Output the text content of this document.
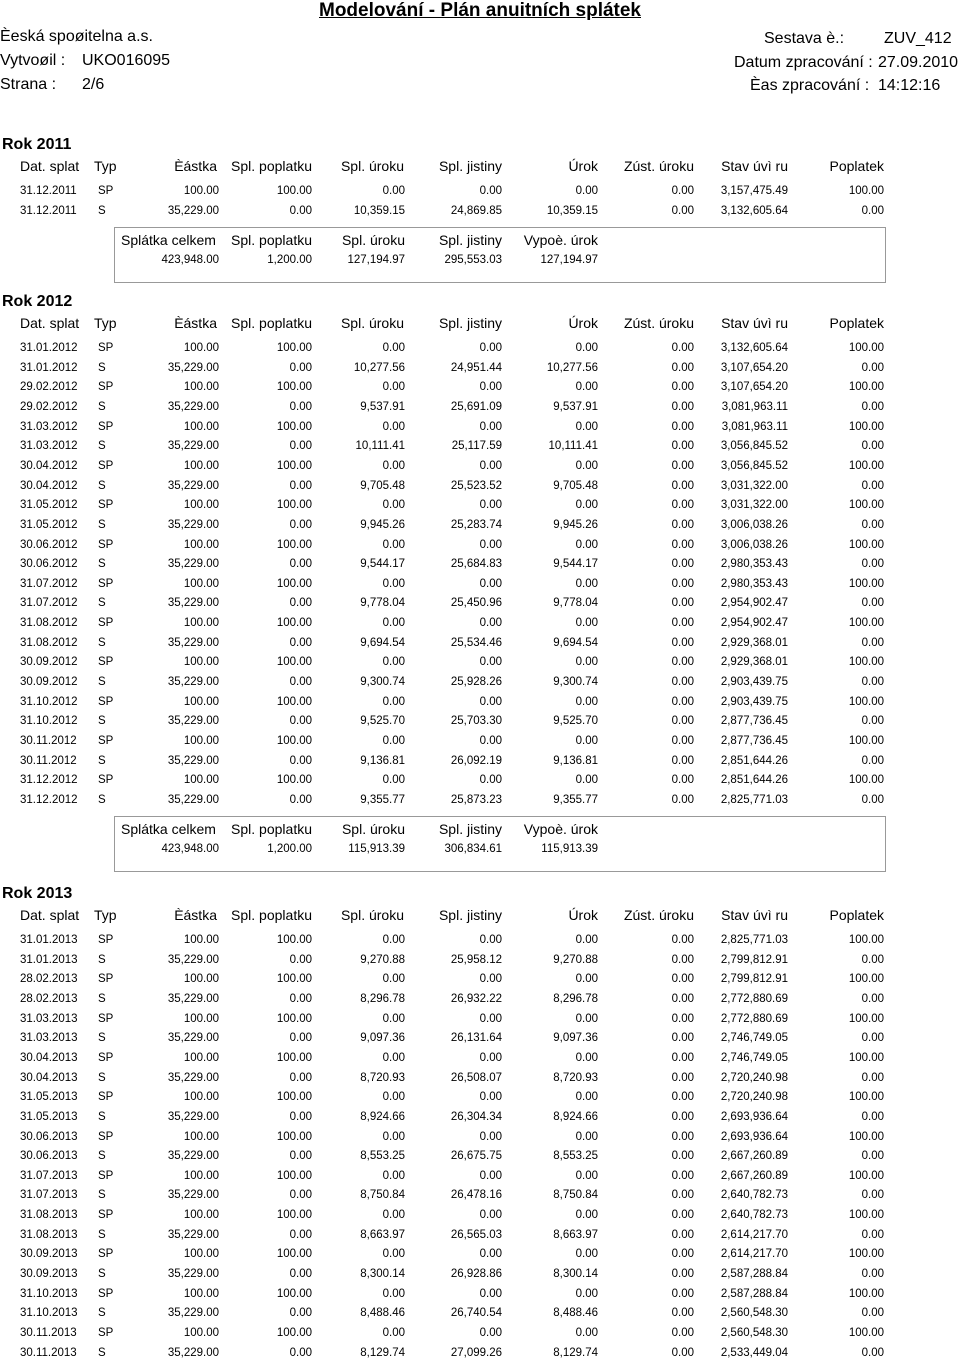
Modelování - Plán anuitních splátek
Èeská spoøitelna a.s.
Vytvoøil : UKO016095
Strana : 2/6
Sestava è.: ZUV_412
Datum zpracování : 27.09.2010
Èas zpracování : 14:12:16
Rok 2011
Dat. splat Typ	Èástka Spl. poplatku Spl. úroku Spl. jistiny	Úrok Zúst. úroku Stav úvì ru	Poplatek
31.12.2011 SP	100.00	100.00	0.00	0.00	0.00	0.00 3,157,475.49	100.00
31.12.2011 S	35,229.00	0.00	10,359.15	24,869.85	10,359.15	0.00 3,132,605.64	0.00
Splátka celkem Spl. poplatku Spl. úroku Spl. jistiny Vypoè. úrok
423,948.00	1,200.00	127,194.97	295,553.03	127,194.97
Rok 2012
Dat. splat Typ	Èástka Spl. poplatku Spl. úroku Spl. jistiny	Úrok Zúst. úroku Stav úvì ru	Poplatek
31.01.2012 SP	100.00	100.00	0.00	0.00	0.00	0.00 3,132,605.64	100.00
31.01.2012 S	35,229.00	0.00	10,277.56	24,951.44	10,277.56	0.00 3,107,654.20	0.00
29.02.2012 SP	100.00	100.00	0.00	0.00	0.00	0.00 3,107,654.20	100.00
29.02.2012 S	35,229.00	0.00	9,537.91	25,691.09	9,537.91	0.00 3,081,963.11	0.00
31.03.2012 SP	100.00	100.00	0.00	0.00	0.00	0.00 3,081,963.11	100.00
31.03.2012 S	35,229.00	0.00	10,111.41	25,117.59	10,111.41	0.00 3,056,845.52	0.00
30.04.2012 SP	100.00	100.00	0.00	0.00	0.00	0.00 3,056,845.52	100.00
30.04.2012 S	35,229.00	0.00	9,705.48	25,523.52	9,705.48	0.00 3,031,322.00	0.00
31.05.2012 SP	100.00	100.00	0.00	0.00	0.00	0.00 3,031,322.00	100.00
31.05.2012 S	35,229.00	0.00	9,945.26	25,283.74	9,945.26	0.00 3,006,038.26	0.00
30.06.2012 SP	100.00	100.00	0.00	0.00	0.00	0.00 3,006,038.26	100.00
30.06.2012 S	35,229.00	0.00	9,544.17	25,684.83	9,544.17	0.00 2,980,353.43	0.00
31.07.2012 SP	100.00	100.00	0.00	0.00	0.00	0.00 2,980,353.43	100.00
31.07.2012 S	35,229.00	0.00	9,778.04	25,450.96	9,778.04	0.00 2,954,902.47	0.00
31.08.2012 SP	100.00	100.00	0.00	0.00	0.00	0.00 2,954,902.47	100.00
31.08.2012 S	35,229.00	0.00	9,694.54	25,534.46	9,694.54	0.00 2,929,368.01	0.00
30.09.2012 SP	100.00	100.00	0.00	0.00	0.00	0.00 2,929,368.01	100.00
30.09.2012 S	35,229.00	0.00	9,300.74	25,928.26	9,300.74	0.00 2,903,439.75	0.00
31.10.2012 SP	100.00	100.00	0.00	0.00	0.00	0.00 2,903,439.75	100.00
31.10.2012 S	35,229.00	0.00	9,525.70	25,703.30	9,525.70	0.00 2,877,736.45	0.00
30.11.2012 SP	100.00	100.00	0.00	0.00	0.00	0.00 2,877,736.45	100.00
30.11.2012 S	35,229.00	0.00	9,136.81	26,092.19	9,136.81	0.00 2,851,644.26	0.00
31.12.2012 SP	100.00	100.00	0.00	0.00	0.00	0.00 2,851,644.26	100.00
31.12.2012 S	35,229.00	0.00	9,355.77	25,873.23	9,355.77	0.00 2,825,771.03	0.00
Splátka celkem Spl. poplatku Spl. úroku Spl. jistiny Vypoè. úrok
423,948.00	1,200.00	115,913.39	306,834.61	115,913.39
Rok 2013
Dat. splat Typ	Èástka Spl. poplatku Spl. úroku Spl. jistiny	Úrok Zúst. úroku Stav úvì ru	Poplatek
31.01.2013 SP	100.00	100.00	0.00	0.00	0.00	0.00 2,825,771.03	100.00
31.01.2013 S	35,229.00	0.00	9,270.88	25,958.12	9,270.88	0.00 2,799,812.91	0.00
28.02.2013 SP	100.00	100.00	0.00	0.00	0.00	0.00 2,799,812.91	100.00
28.02.2013 S	35,229.00	0.00	8,296.78	26,932.22	8,296.78	0.00 2,772,880.69	0.00
31.03.2013 SP	100.00	100.00	0.00	0.00	0.00	0.00 2,772,880.69	100.00
31.03.2013 S	35,229.00	0.00	9,097.36	26,131.64	9,097.36	0.00 2,746,749.05	0.00
30.04.2013 SP	100.00	100.00	0.00	0.00	0.00	0.00 2,746,749.05	100.00
30.04.2013 S	35,229.00	0.00	8,720.93	26,508.07	8,720.93	0.00 2,720,240.98	0.00
31.05.2013 SP	100.00	100.00	0.00	0.00	0.00	0.00 2,720,240.98	100.00
31.05.2013 S	35,229.00	0.00	8,924.66	26,304.34	8,924.66	0.00 2,693,936.64	0.00
30.06.2013 SP	100.00	100.00	0.00	0.00	0.00	0.00 2,693,936.64	100.00
30.06.2013 S	35,229.00	0.00	8,553.25	26,675.75	8,553.25	0.00 2,667,260.89	0.00
31.07.2013 SP	100.00	100.00	0.00	0.00	0.00	0.00 2,667,260.89	100.00
31.07.2013 S	35,229.00	0.00	8,750.84	26,478.16	8,750.84	0.00 2,640,782.73	0.00
31.08.2013 SP	100.00	100.00	0.00	0.00	0.00	0.00 2,640,782.73	100.00
31.08.2013 S	35,229.00	0.00	8,663.97	26,565.03	8,663.97	0.00 2,614,217.70	0.00
30.09.2013 SP	100.00	100.00	0.00	0.00	0.00	0.00 2,614,217.70	100.00
30.09.2013 S	35,229.00	0.00	8,300.14	26,928.86	8,300.14	0.00 2,587,288.84	0.00
31.10.2013 SP	100.00	100.00	0.00	0.00	0.00	0.00 2,587,288.84	100.00
31.10.2013 S	35,229.00	0.00	8,488.46	26,740.54	8,488.46	0.00 2,560,548.30	0.00
30.11.2013 SP	100.00	100.00	0.00	0.00	0.00	0.00 2,560,548.30	100.00
30.11.2013 S	35,229.00	0.00	8,129.74	27,099.26	8,129.74	0.00 2,533,449.04	0.00
